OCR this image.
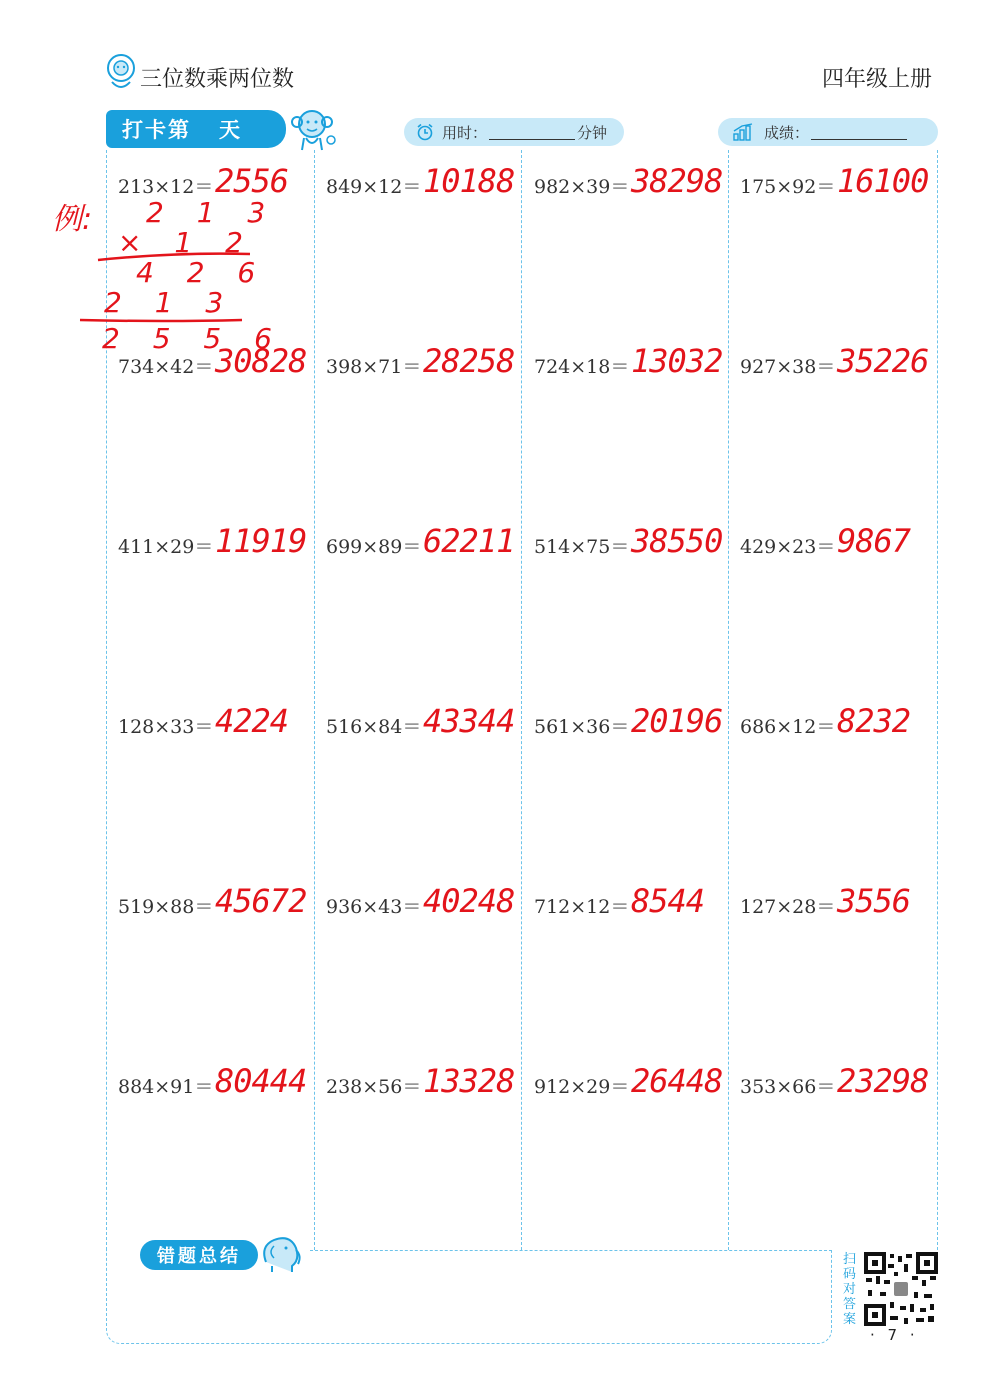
三位数乘两位数	四年级上册
打卡第 天	用时：	分钟	成绩：
213×12＝ 2556 849×12＝ 10188 982×39＝ 38298 175×92＝ 16100
734×42＝ 30828 398×71＝ 28258 724×18＝ 13032 927×38＝ 35226
411×29＝ 11919 699×89＝ 62211 514×75＝ 38550 429×23＝ 9867
128×33＝ 4224 516×84＝ 43344 561×36＝ 20196 686×12＝ 8232
519×88＝ 45672 936×43＝ 40248 712×12＝ 8544 127×28＝ 3556
884×91＝ 80444 238×56＝ 13328 912×29＝ 26448 353×66＝ 23298
例: 2 1 3
× 1 2
4 2 6
2 1 3
2 5 5 6
错题总结	扫码对答案
· 7 ·
